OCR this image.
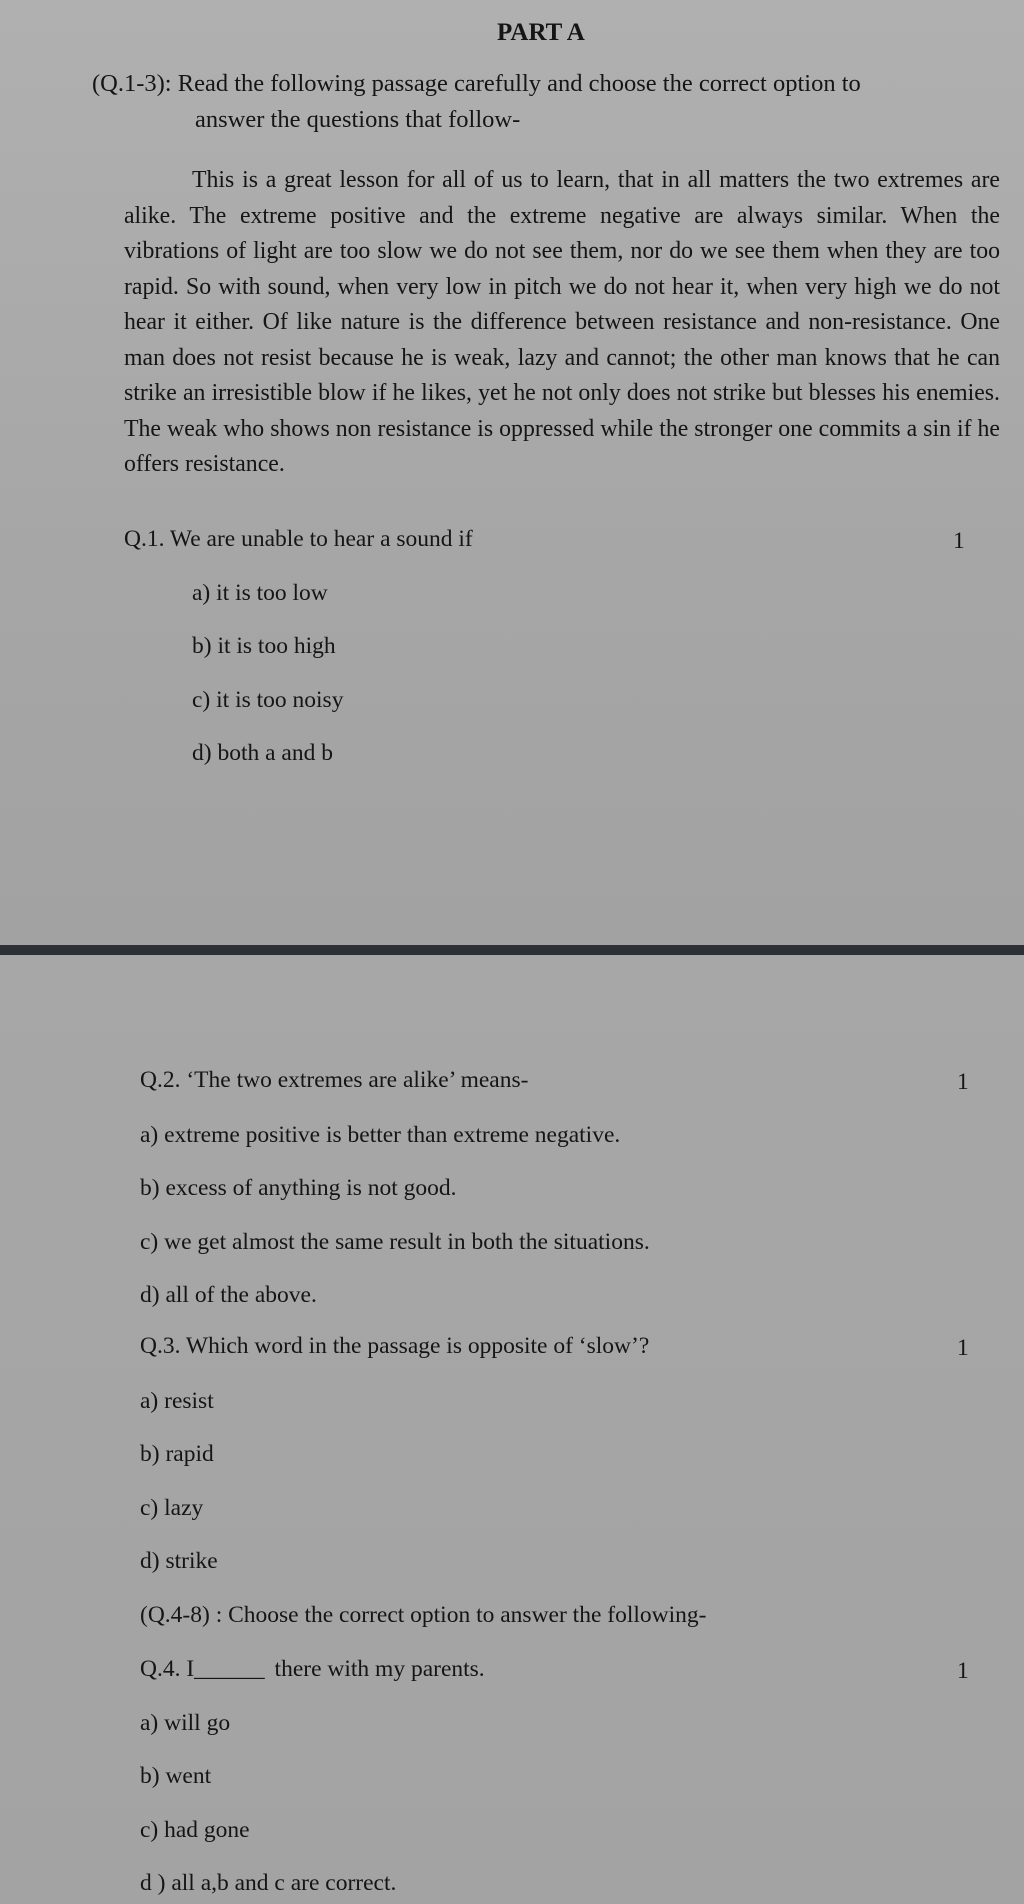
PART A
(Q.1-3): Read the following passage carefully and choose the correct option to
answer the questions that follow-
This is a great lesson for all of us to learn, that in all matters the two extremes are alike. The extreme positive and the extreme negative are always similar. When the vibrations of light are too slow we do not see them, nor do we see them when they are too rapid. So with sound, when very low in pitch we do not hear it, when very high we do not hear it either. Of like nature is the difference between resistance and non-resistance. One man does not resist because he is weak, lazy and cannot; the other man knows that he can strike an irresistible blow if he likes, yet he not only does not strike but blesses his enemies. The weak who shows non resistance is oppressed while the stronger one commits a sin if he offers resistance.
Q.1. We are unable to hear a sound if	1
a) it is too low
b) it is too high
c) it is too noisy
d) both a and b
Q.2. ‘The two extremes are alike’ means-	1
a) extreme positive is better than extreme negative.
b) excess of anything is not good.
c) we get almost the same result in both the situations.
d) all of the above.
Q.3. Which word in the passage is opposite of ‘slow’?	1
a) resist
b) rapid
c) lazy
d) strike
(Q.4-8) : Choose the correct option to answer the following-
Q.4. I______ there with my parents.	1
a) will go
b) went
c) had gone
d ) all a,b and c are correct.
